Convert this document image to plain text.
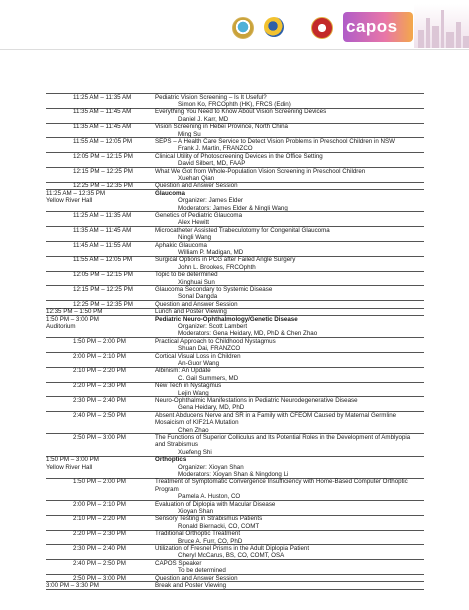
capos
11:25 AM – 11:35 AM	Pediatric Vision Screening – Is It Useful?
Simon Ko, FRCOphth (HK), FRCS (Edin)
11:35 AM – 11:45 AM	Everything You Need to Know About Vision Screening Devices
Daniel J. Karr, MD
11:35 AM – 11:45 AM	Vision Screening in Hebei Province, North China
Ming Su
11:55 AM – 12:05 PM	SEPS – A Health Care Service to Detect Vision Problems in Preschool Children in NSW
Frank J. Martin, FRANZCO
12:05 PM – 12:15 PM	Clinical Utility of Photoscreening Devices in the Office Setting
David Silbert, MD, FAAP
12:15 PM – 12:25 PM	What We Got from Whole-Population Vision Screening in Preschool Children
Xuehan Qian
12:25 PM – 12:35 PM	Question and Answer Session
11:25 AM – 12:35 PM
Yellow River Hall
Glaucoma
Organizer: James Elder
Moderators: James Elder & Ningli Wang
11:25 AM – 11:35 AM	Genetics of Pediatric Glaucoma
Alex Hewitt
11:35 AM – 11:45 AM	Microcatheter Assisted Trabeculotomy for Congenital Glaucoma
Ningli Wang
11:45 AM – 11:55 AM	Aphakic Glaucoma
William P. Madigan, MD
11:55 AM – 12:05 PM	Surgical Options in PCG after Failed Angle Surgery
John L. Brookes, FRCOphth
12:05 PM – 12:15 PM	Topic to be determined
Xinghuai Sun
12:15 PM – 12:25 PM	Glaucoma Secondary to Systemic Disease
Sonal Dangda
12:25 PM – 12:35 PM	Question and Answer Session
12:35 PM – 1:50 PM	Lunch and Poster Viewing
1:50 PM – 3:00 PM
Auditorium
Pediatric Neuro-Ophthalmology/Genetic Disease
Organizer: Scott Lambert
Moderators: Gena Heidary, MD, PhD & Chen Zhao
1:50 PM – 2:00 PM	Practical Approach to Childhood Nystagmus
Shuan Dai, FRANZCO
2:00 PM – 2:10 PM	Cortical Visual Loss in Children
An-Guor Wang
2:10 PM – 2:20 PM	Albinism: An Update
C. Gail Summers, MD
2:20 PM – 2:30 PM	New Tech in Nystagmus
Lejin Wang
2:30 PM – 2:40 PM	Neuro-Ophthalmic Manifestations in Pediatric Neurodegenerative Disease
Gena Heidary, MD, PhD
2:40 PM – 2:50 PM	Absent Abducens Nerve and SR in a Family with CFEOM Caused by Maternal Germline
Mosaicism of KIF21A Mutation
Chen Zhao
2:50 PM – 3:00 PM	The Functions of Superior Colliculus and Its Potential Roles in the Development of Amblyopia
and Strabismus
Xuefeng Shi
1:50 PM – 3:00 PM
Yellow River Hall
Orthoptics
Organizer: Xioyan Shan
Moderators: Xioyan Shan & Ningdong Li
1:50 PM – 2:00 PM	Treatment of Symptomatic Convergence Insufficiency with Home-Based Computer Orthoptic
Program
Pamela A. Huston, CO
2:00 PM – 2:10 PM	Evaluation of Diplopia with Macular Disease
Xioyan Shan
2:10 PM – 2:20 PM	Sensory Testing in Strabismus Patients
Ronald Biernacki, CO, COMT
2:20 PM – 2:30 PM	Traditional Orthoptic Treatment
Bruce A. Furr, CO, PhD
2:30 PM – 2:40 PM	Utilization of Fresnel Prisms in the Adult Diplopia Patient
Cheryl McCarus, BS, CO, COMT, OSA
2:40 PM – 2:50 PM	CAPOS Speaker
To be determined
2:50 PM – 3:00 PM	Question and Answer Session
3:00 PM – 3:30 PM	Break and Poster Viewing
